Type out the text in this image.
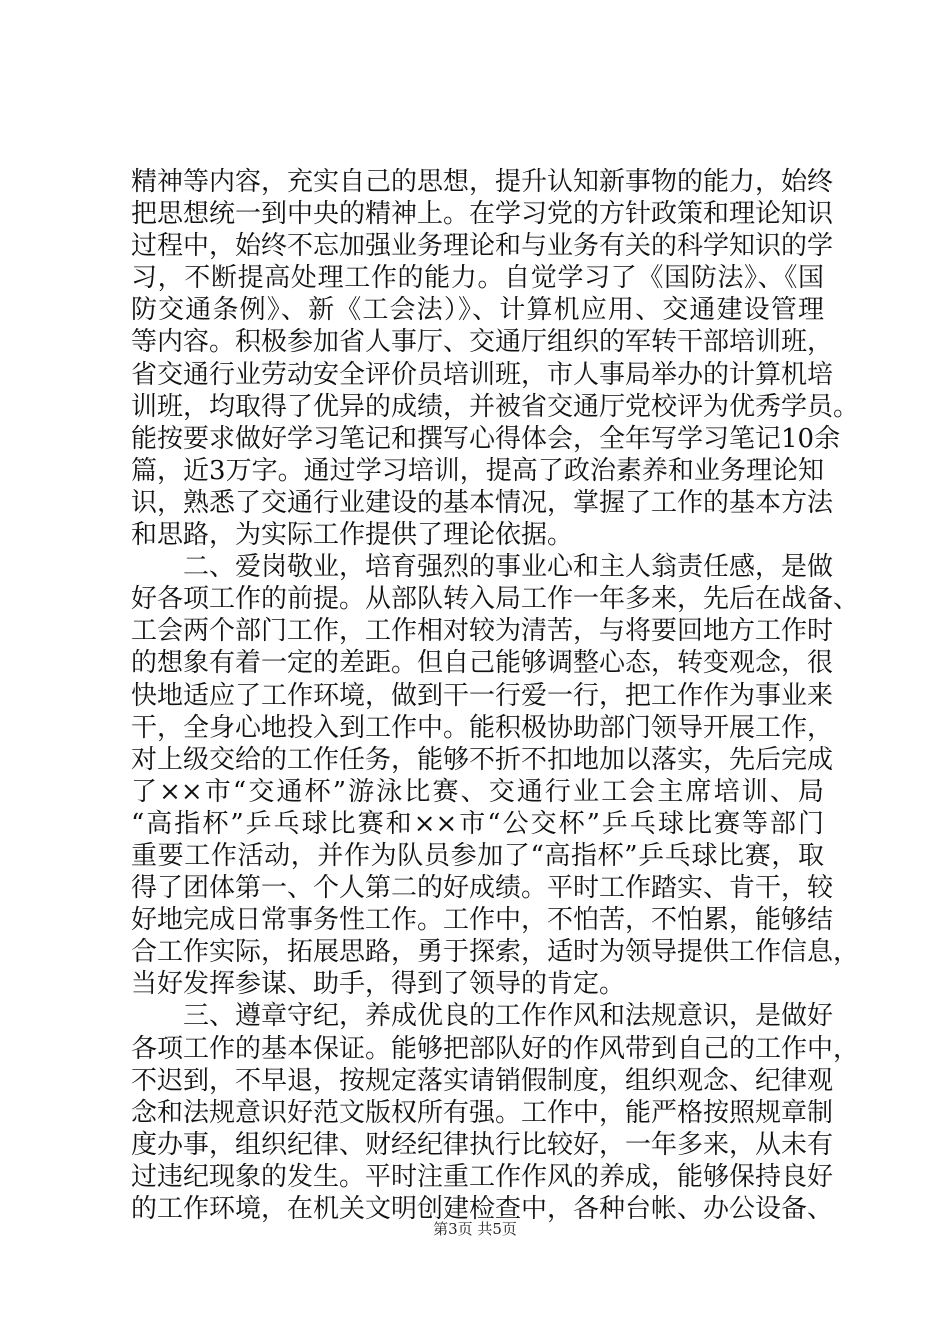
精神等内容，充实自己的思想，提升认知新事物的能力，始终
把思想统一到中央的精神上。在学习党的方针政策和理论知识
过程中，始终不忘加强业务理论和与业务有关的科学知识的学
习，不断提高处理工作的能力。自觉学习了《国防法》、《国
防交通条例》、新《工会法）》、计算机应用、交通建设管理
等内容。积极参加省人事厅、交通厅组织的军转干部培训班，
省交通行业劳动安全评价员培训班，市人事局举办的计算机培
训班，均取得了优异的成绩，并被省交通厅党校评为优秀学员。
能按要求做好学习笔记和撰写心得体会，全年写学习笔记10余
篇，近3万字。通过学习培训，提高了政治素养和业务理论知
识，熟悉了交通行业建设的基本情况，掌握了工作的基本方法
和思路，为实际工作提供了理论依据。
二、爱岗敬业，培育强烈的事业心和主人翁责任感，是做
好各项工作的前提。从部队转入局工作一年多来，先后在战备、
工会两个部门工作，工作相对较为清苦，与将要回地方工作时
的想象有着一定的差距。但自己能够调整心态，转变观念，很
快地适应了工作环境，做到干一行爱一行，把工作作为事业来
干，全身心地投入到工作中。能积极协助部门领导开展工作，
对上级交给的工作任务，能够不折不扣地加以落实，先后完成
了××市“交通杯”游泳比赛、交通行业工会主席培训、局
“高指杯”乒乓球比赛和××市“公交杯”乒乓球比赛等部门
重要工作活动，并作为队员参加了“高指杯”乒乓球比赛，取
得了团体第一、个人第二的好成绩。平时工作踏实、肯干，较
好地完成日常事务性工作。工作中，不怕苦，不怕累，能够结
合工作实际，拓展思路，勇于探索，适时为领导提供工作信息，
当好发挥参谋、助手，得到了领导的肯定。
三、遵章守纪，养成优良的工作作风和法规意识，是做好
各项工作的基本保证。能够把部队好的作风带到自己的工作中，
不迟到，不早退，按规定落实请销假制度，组织观念、纪律观
念和法规意识好范文版权所有强。工作中，能严格按照规章制
度办事，组织纪律、财经纪律执行比较好，一年多来，从未有
过违纪现象的发生。平时注重工作作风的养成，能够保持良好
的工作环境，在机关文明创建检查中，各种台帐、办公设备、
第3页 共5页
